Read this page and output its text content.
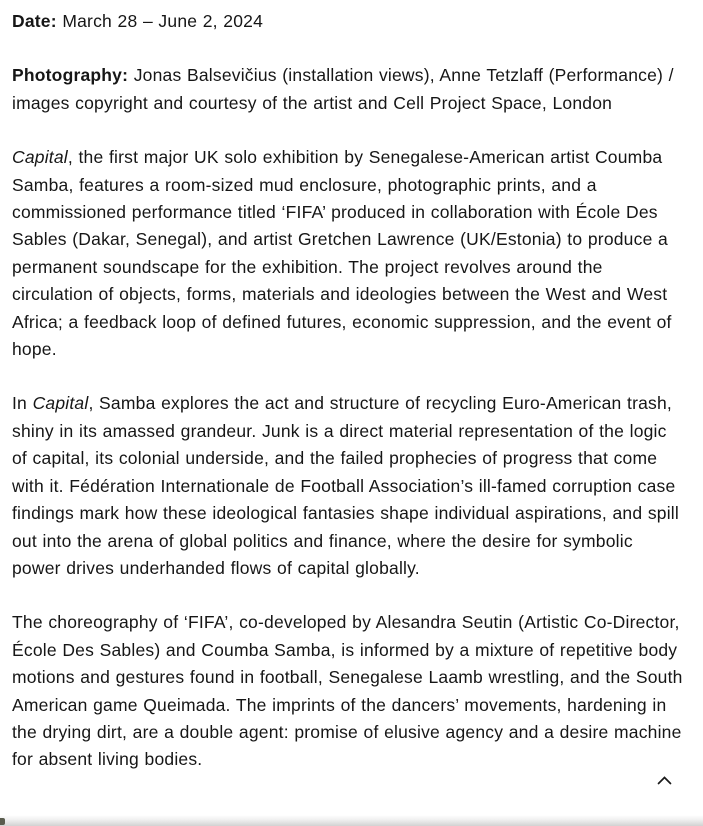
Date: March 28 – June 2, 2024

Photography: Jonas Balsevičius (installation views), Anne Tetzlaff (Performance) / images copyright and courtesy of the artist and Cell Project Space, London

Capital, the first major UK solo exhibition by Senegalese-American artist Coumba Samba, features a room-sized mud enclosure, photographic prints, and a commissioned performance titled ‘FIFA’ produced in collaboration with École Des Sables (Dakar, Senegal), and artist Gretchen Lawrence (UK/Estonia) to produce a permanent soundscape for the exhibition. The project revolves around the circulation of objects, forms, materials and ideologies between the West and West Africa; a feedback loop of defined futures, economic suppression, and the event of hope.

In Capital, Samba explores the act and structure of recycling Euro-American trash, shiny in its amassed grandeur. Junk is a direct material representation of the logic of capital, its colonial underside, and the failed prophecies of progress that come with it. Fédération Internationale de Football Association’s ill-famed corruption case findings mark how these ideological fantasies shape individual aspirations, and spill out into the arena of global politics and finance, where the desire for symbolic power drives underhanded flows of capital globally.

The choreography of ‘FIFA’, co-developed by Alesandra Seutin (Artistic Co-Director, École Des Sables) and Coumba Samba, is informed by a mixture of repetitive body motions and gestures found in football, Senegalese Laamb wrestling, and the South American game Queimada. The imprints of the dancers’ movements, hardening in the drying dirt, are a double agent: promise of elusive agency and a desire machine for absent living bodies.
